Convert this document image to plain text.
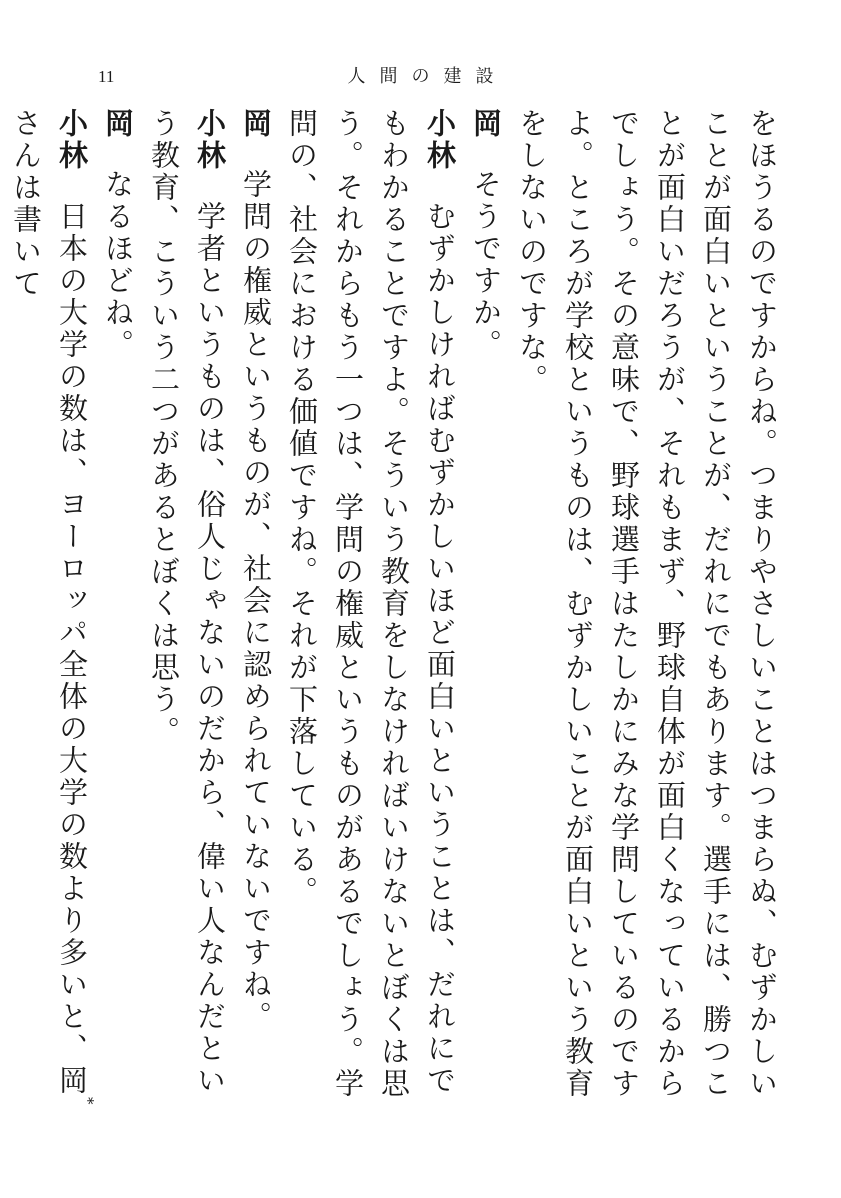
11	人間の建設

をほうるのですからね。つまりやさしいことはつまらぬ、むずかしいことが面白いということが、だれにでもあります。選手には、勝つことが面白いだろうが、それもまず、野球自体が面白くなっているからでしょう。その意味で、野球選手はたしかにみな学問しているのですよ。ところが学校というものは、むずかしいことが面白いという教育をしないのですな。

岡そうですか。

小林むずかしければむずかしいほど面白いということは、だれにでもわかることですよ。そういう教育をしなければいけないとぼくは思う。それからもう一つは、学問の権威というものがあるでしょう。学問の、社会における価値ですね。それが下落している。

岡学問の権威というものが、社会に認められていないですね。

小林学者というものは、俗人じゃないのだから、偉い人なんだという教育、こういう二つがあるとぼくは思う。

岡なるほどね。

小林日本の大学の数は、ヨーロッパ全体の大学の数より多いと、岡*さんは書いて
